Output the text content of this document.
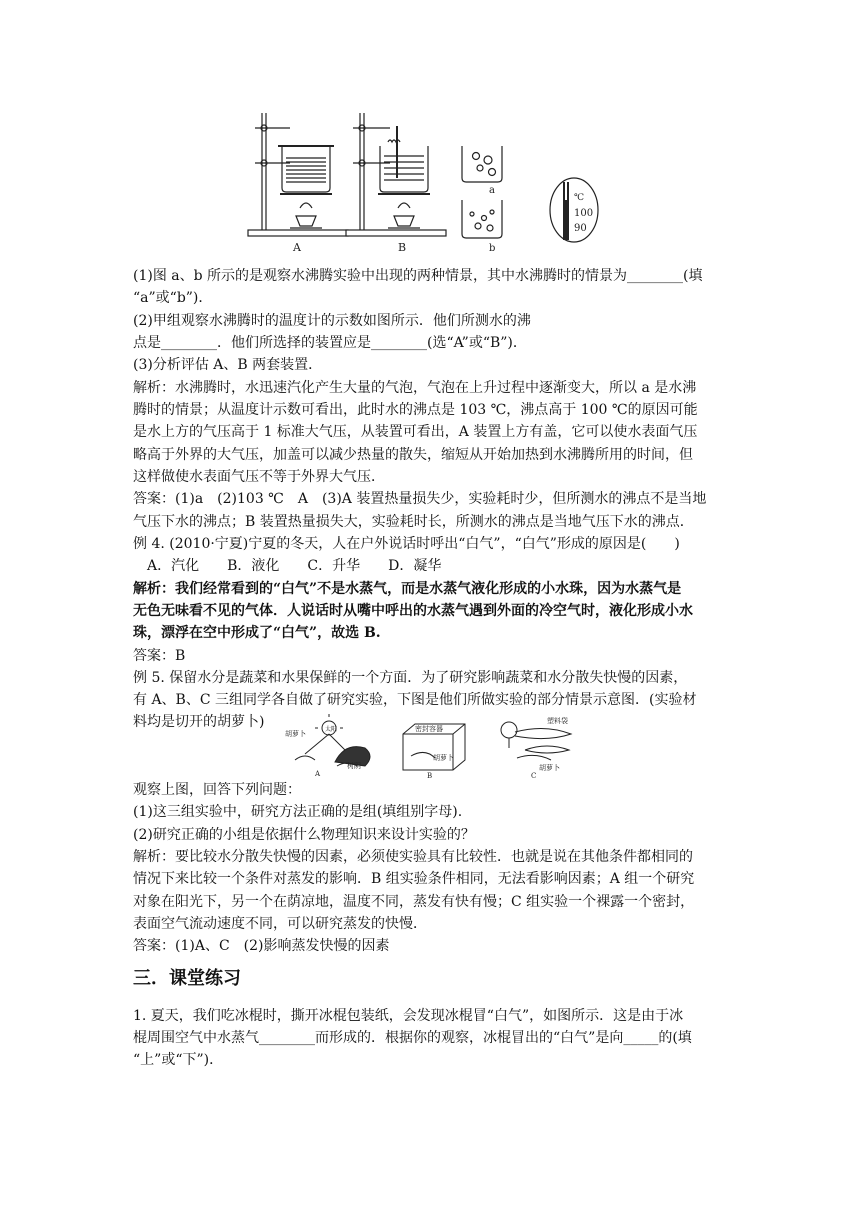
A	B
a
b
℃
100
90
胡萝卜
太阳
树阴
A
密封容器
胡萝卜
B
塑料袋
胡萝卜
C
(1)图 a、b 所示的是观察水沸腾实验中出现的两种情景，其中水沸腾时的情景为________(填
“a”或“b”)．
(2)甲组观察水沸腾时的温度计的示数如图所示．他们所测水的沸
点是________．他们所选择的装置应是________(选“A”或“B”)．
(3)分析评估 A、B 两套装置．
解析：水沸腾时，水迅速汽化产生大量的气泡，气泡在上升过程中逐渐变大，所以 a 是水沸
腾时的情景；从温度计示数可看出，此时水的沸点是 103 ℃，沸点高于 100 ℃的原因可能
是水上方的气压高于 1 标准大气压，从装置可看出，A 装置上方有盖，它可以使水表面气压
略高于外界的大气压，加盖可以减少热量的散失，缩短从开始加热到水沸腾所用的时间，但
这样做使水表面气压不等于外界大气压．
答案：(1)a　(2)103 ℃　A　(3)A 装置热量损失少，实验耗时少，但所测水的沸点不是当地
气压下水的沸点；B 装置热量损失大，实验耗时长，所测水的沸点是当地气压下水的沸点．
例 4. (2010·宁夏)宁夏的冬天，人在户外说话时呼出“白气”，“白气”形成的原因是(　　)
　A．汽化　　B．液化　　C．升华　　D．凝华
解析：我们经常看到的“白气”不是水蒸气，而是水蒸气液化形成的小水珠，因为水蒸气是
无色无味看不见的气体．人说话时从嘴中呼出的水蒸气遇到外面的冷空气时，液化形成小水
珠，漂浮在空中形成了“白气”，故选 B.
答案：B
例 5. 保留水分是蔬菜和水果保鲜的一个方面．为了研究影响蔬菜和水分散失快慢的因素，
有 A、B、C 三组同学各自做了研究实验，下图是他们所做实验的部分情景示意图．(实验材
料均是切开的胡萝卜)
观察上图，回答下列问题：
(1)这三组实验中，研究方法正确的是组(填组别字母).
(2)研究正确的小组是依据什么物理知识来设计实验的？
解析：要比较水分散失快慢的因素，必须使实验具有比较性．也就是说在其他条件都相同的
情况下来比较一个条件对蒸发的影响．B 组实验条件相同，无法看影响因素；A 组一个研究
对象在阳光下，另一个在荫凉地，温度不同，蒸发有快有慢；C 组实验一个裸露一个密封，
表面空气流动速度不同，可以研究蒸发的快慢．
答案：(1)A、C　(2)影响蒸发快慢的因素
三．课堂练习
1. 夏天，我们吃冰棍时，撕开冰棍包装纸，会发现冰棍冒“白气”，如图所示．这是由于冰
棍周围空气中水蒸气________而形成的．根据你的观察，冰棍冒出的“白气”是向_____的(填
“上”或“下”)．
